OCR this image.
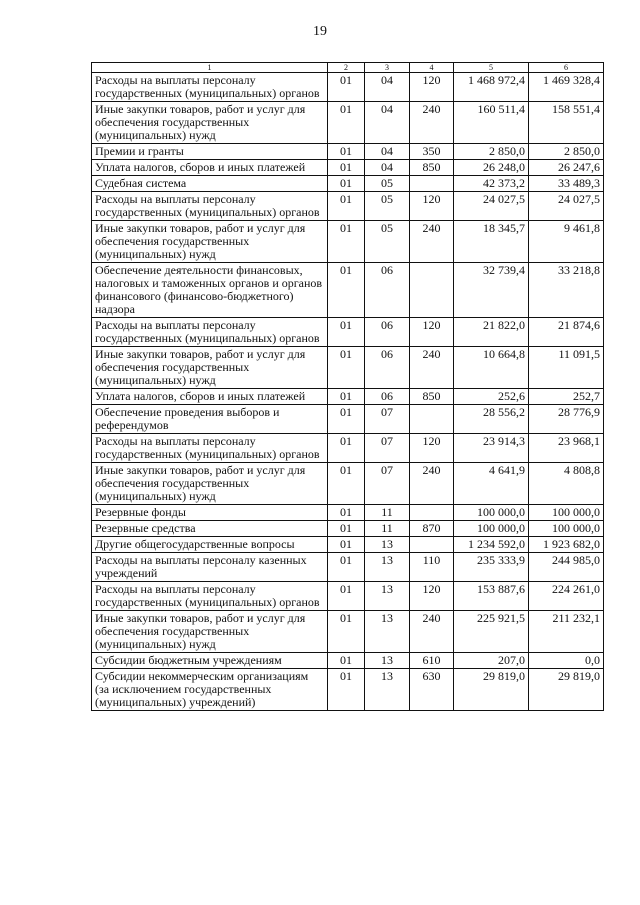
19
1	2	3	4	5	6
Расходы на выплаты персоналу государственных (муниципальных) органов	01	04	120	1 468 972,4	1 469 328,4
Иные закупки товаров, работ и услуг для обеспечения государственных (муниципальных) нужд	01	04	240	160 511,4	158 551,4
Премии и гранты	01	04	350	2 850,0	2 850,0
Уплата налогов, сборов и иных платежей	01	04	850	26 248,0	26 247,6
Судебная система	01	05		42 373,2	33 489,3
Расходы на выплаты персоналу государственных (муниципальных) органов	01	05	120	24 027,5	24 027,5
Иные закупки товаров, работ и услуг для обеспечения государственных (муниципальных) нужд	01	05	240	18 345,7	9 461,8
Обеспечение деятельности финансовых, налоговых и таможенных органов и органов финансового (финансово-бюджетного) надзора	01	06		32 739,4	33 218,8
Расходы на выплаты персоналу государственных (муниципальных) органов	01	06	120	21 822,0	21 874,6
Иные закупки товаров, работ и услуг для обеспечения государственных (муниципальных) нужд	01	06	240	10 664,8	11 091,5
Уплата налогов, сборов и иных платежей	01	06	850	252,6	252,7
Обеспечение проведения выборов и референдумов	01	07		28 556,2	28 776,9
Расходы на выплаты персоналу государственных (муниципальных) органов	01	07	120	23 914,3	23 968,1
Иные закупки товаров, работ и услуг для обеспечения государственных (муниципальных) нужд	01	07	240	4 641,9	4 808,8
Резервные фонды	01	11		100 000,0	100 000,0
Резервные средства	01	11	870	100 000,0	100 000,0
Другие общегосударственные вопросы	01	13		1 234 592,0	1 923 682,0
Расходы на выплаты персоналу казенных учреждений	01	13	110	235 333,9	244 985,0
Расходы на выплаты персоналу государственных (муниципальных) органов	01	13	120	153 887,6	224 261,0
Иные закупки товаров, работ и услуг для обеспечения государственных (муниципальных) нужд	01	13	240	225 921,5	211 232,1
Субсидии бюджетным учреждениям	01	13	610	207,0	0,0
Субсидии некоммерческим организациям (за исключением государственных (муниципальных) учреждений)	01	13	630	29 819,0	29 819,0
